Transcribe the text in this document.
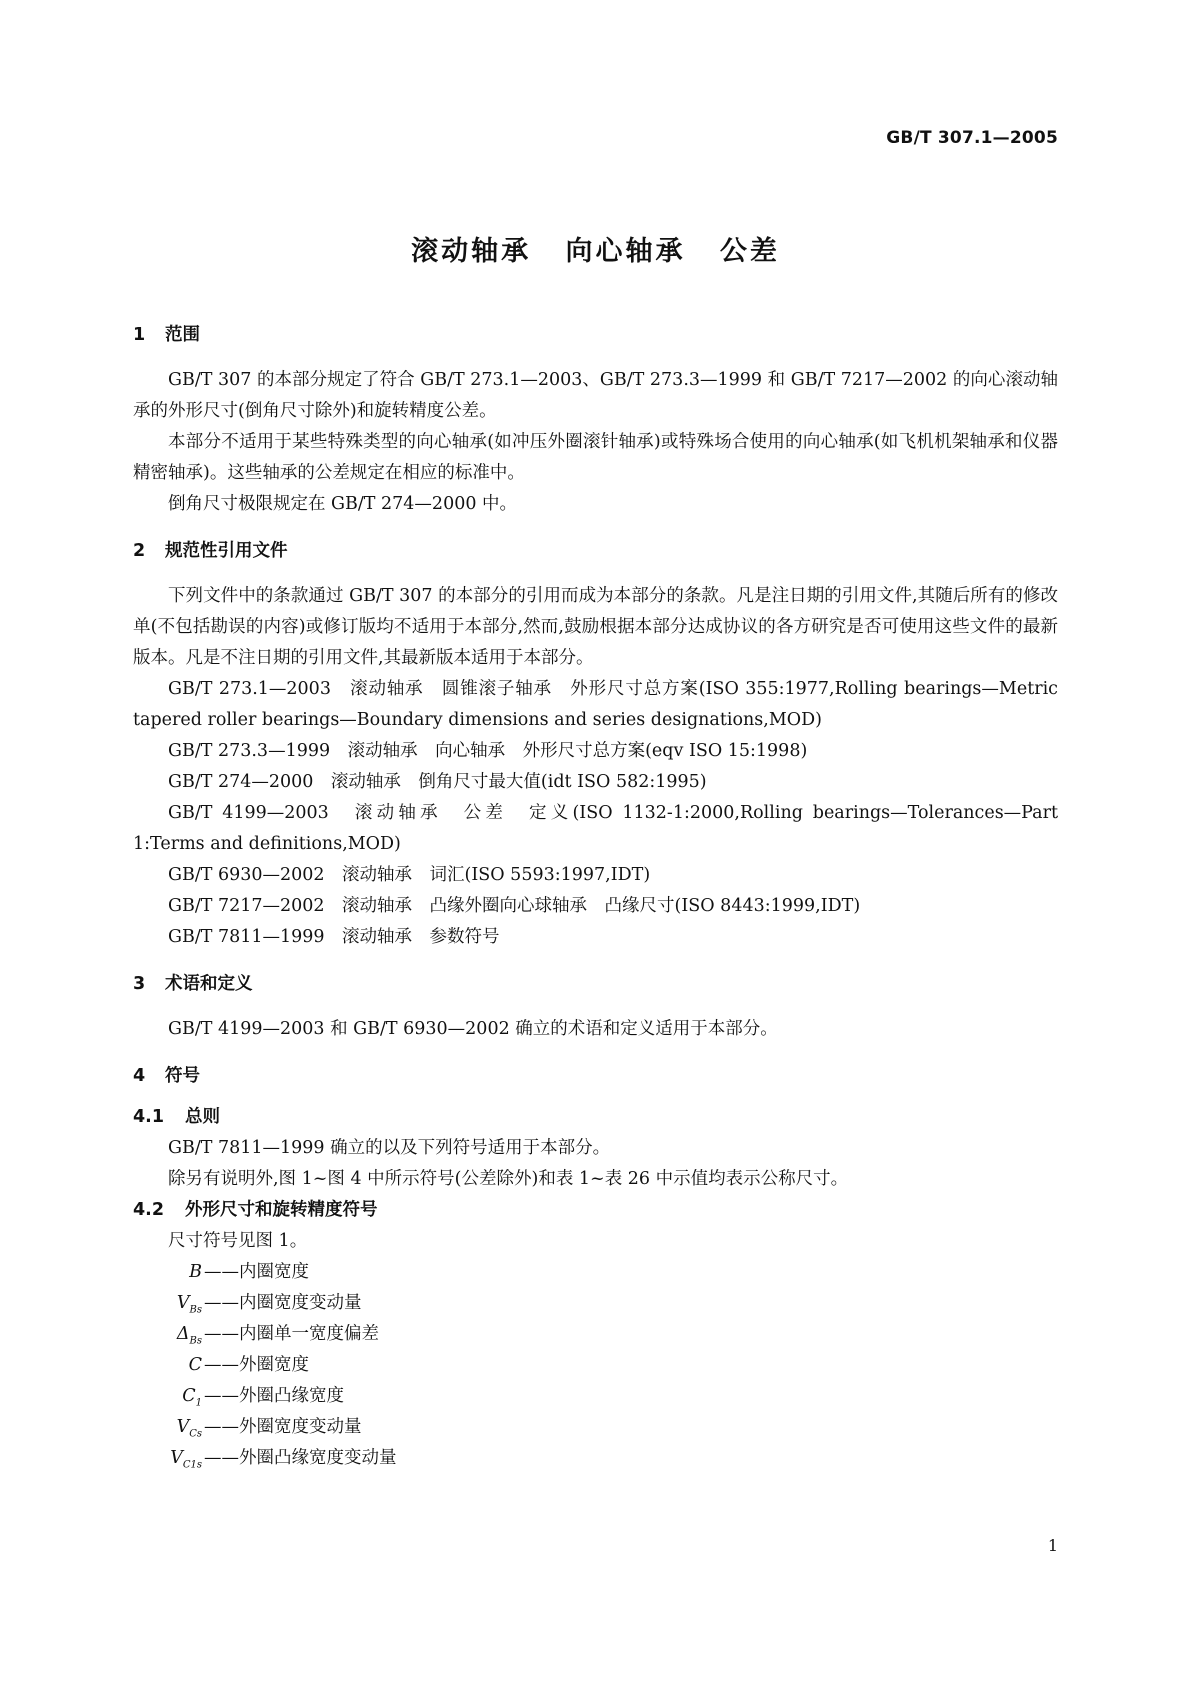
GB/T 307.1—2005
滚动轴承 向心轴承 公差
1 范围

GB/T 307 的本部分规定了符合 GB/T 273.1—2003、GB/T 273.3—1999 和 GB/T 7217—2002 的向心滚动轴承的外形尺寸(倒角尺寸除外)和旋转精度公差。

本部分不适用于某些特殊类型的向心轴承(如冲压外圈滚针轴承)或特殊场合使用的向心轴承(如飞机机架轴承和仪器精密轴承)。这些轴承的公差规定在相应的标准中。

倒角尺寸极限规定在 GB/T 274—2000 中。

2 规范性引用文件

下列文件中的条款通过 GB/T 307 的本部分的引用而成为本部分的条款。凡是注日期的引用文件,其随后所有的修改单(不包括勘误的内容)或修订版均不适用于本部分,然而,鼓励根据本部分达成协议的各方研究是否可使用这些文件的最新版本。凡是不注日期的引用文件,其最新版本适用于本部分。

GB/T 273.1—2003　滚动轴承　圆锥滚子轴承　外形尺寸总方案(ISO 355:1977,Rolling bearings—Metric tapered roller bearings—Boundary dimensions and series designations,MOD)

GB/T 273.3—1999　滚动轴承　向心轴承　外形尺寸总方案(eqv ISO 15:1998)

GB/T 274—2000　滚动轴承　倒角尺寸最大值(idt ISO 582:1995)

GB/T 4199—2003　滚动轴承　公差　定义(ISO 1132-1:2000,Rolling bearings—Tolerances—Part 1:Terms and definitions,MOD)

GB/T 6930—2002　滚动轴承　词汇(ISO 5593:1997,IDT)

GB/T 7217—2002　滚动轴承　凸缘外圈向心球轴承　凸缘尺寸(ISO 8443:1999,IDT)

GB/T 7811—1999　滚动轴承　参数符号

3 术语和定义

GB/T 4199—2003 和 GB/T 6930—2002 确立的术语和定义适用于本部分。

4 符号
4.1 总则

GB/T 7811—1999 确立的以及下列符号适用于本部分。

除另有说明外,图 1~图 4 中所示符号(公差除外)和表 1~表 26 中示值均表示公称尺寸。

4.2 外形尺寸和旋转精度符号

尺寸符号见图 1。

B —— 内圈宽度
$V_{Bs}$ —— 内圈宽度变动量
$\Delta_{Bs}$ —— 内圈单一宽度偏差
C —— 外圈宽度
$C_1$ —— 外圈凸缘宽度
$V_{Cs}$ —— 外圈宽度变动量
$V_{C1s}$ —— 外圈凸缘宽度变动量
1
